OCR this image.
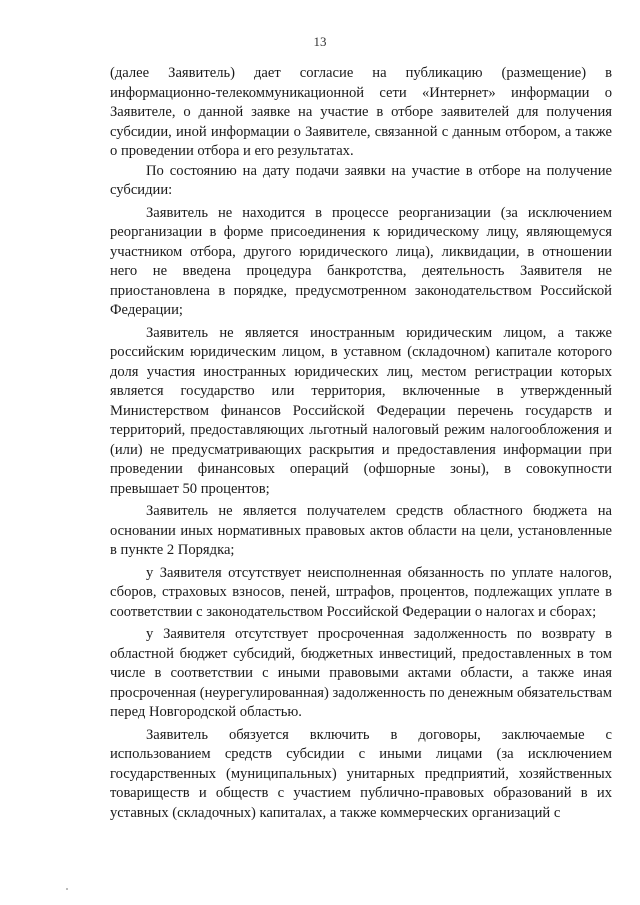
13

(далее Заявитель) дает согласие на публикацию (размещение) в информационно-телекоммуникационной сети «Интернет» информации о Заявителе, о данной заявке на участие в отборе заявителей для получения субсидии, иной информации о Заявителе, связанной с данным отбором, а также о проведении отбора и его результатах.

По состоянию на дату подачи заявки на участие в отборе на получение субсидии:

Заявитель не находится в процессе реорганизации (за исключением реорганизации в форме присоединения к юридическому лицу, являющемуся участником отбора, другого юридического лица), ликвидации, в отношении него не введена процедура банкротства, деятельность Заявителя не приостановлена в порядке, предусмотренном законодательством Российской Федерации;

Заявитель не является иностранным юридическим лицом, а также российским юридическим лицом, в уставном (складочном) капитале которого доля участия иностранных юридических лиц, местом регистрации которых является государство или территория, включенные в утвержденный Министерством финансов Российской Федерации перечень государств и территорий, предоставляющих льготный налоговый режим налогообложения и (или) не предусматривающих раскрытия и предоставления информации при проведении финансовых операций (офшорные зоны), в совокупности превышает 50 процентов;

Заявитель не является получателем средств областного бюджета на основании иных нормативных правовых актов области на цели, установленные в пункте 2 Порядка;

у Заявителя отсутствует неисполненная обязанность по уплате налогов, сборов, страховых взносов, пеней, штрафов, процентов, подлежащих уплате в соответствии с законодательством Российской Федерации о налогах и сборах;

у Заявителя отсутствует просроченная задолженность по возврату в областной бюджет субсидий, бюджетных инвестиций, предоставленных в том числе в соответствии с иными правовыми актами области, а также иная просроченная (неурегулированная) задолженность по денежным обязательствам перед Новгородской областью.

Заявитель обязуется включить в договоры, заключаемые с использованием средств субсидии с иными лицами (за исключением государственных (муниципальных) унитарных предприятий, хозяйственных товариществ и обществ с участием публично-правовых образований в их уставных (складочных) капиталах, а также коммерческих организаций с
